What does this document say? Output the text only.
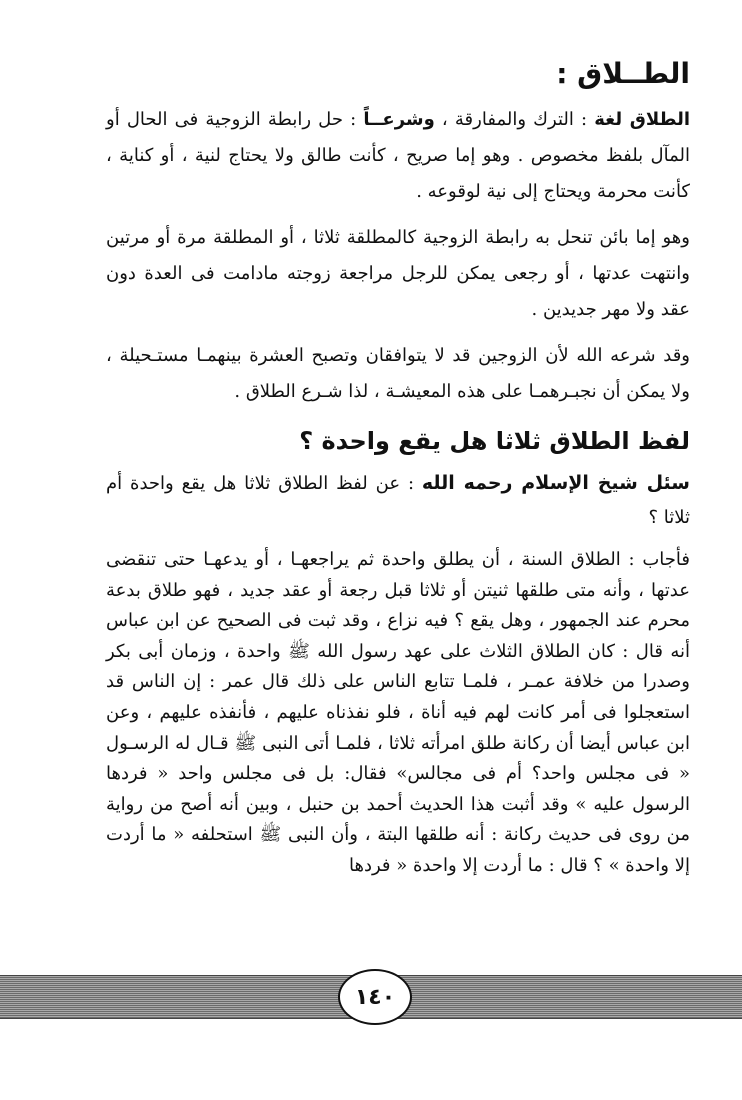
الطــلاق :

الطلاق لغة : الترك والمفارقة ، وشرعــاً : حل رابطة الزوجية فى الحال أو المآل بلفظ مخصوص . وهو إما صريح ، كأنت طالق ولا يحتاج لنية ، أو كناية ، كأنت محرمة ويحتاج إلى نية لوقوعه .

وهو إما بائن تنحل به رابطة الزوجية كالمطلقة ثلاثا ، أو المطلقة مرة أو مرتين وانتهت عدتها ، أو رجعى يمكن للرجل مراجعة زوجته مادامت فى العدة دون عقد ولا مهر جديدين .

وقد شرعه الله لأن الزوجين قد لا يتوافقان وتصبح العشرة بينهمـا مستـحيلة ، ولا يمكن أن نجبـرهمـا على هذه المعيشـة ، لذا شـرع الطلاق .

لفظ الطلاق ثلاثا هل يقع واحدة ؟

سئل شيخ الإسلام رحمه الله : عن لفظ الطلاق ثلاثا هل يقع واحدة أم ثلاثا ؟

فأجاب : الطلاق السنة ، أن يطلق واحدة ثم يراجعهـا ، أو يدعهـا حتى تنقضى عدتها ، وأنه متى طلقها ثنيتن أو ثلاثا قبل رجعة أو عقد جديد ، فهو طلاق بدعة محرم عند الجمهور ، وهل يقع ؟ فيه نزاع ، وقد ثبت فى الصحيح عن ابن عباس أنه قال : كان الطلاق الثلاث على عهد رسول الله ﷺ واحدة ، وزمان أبى بكر وصدرا من خلافة عمـر ، فلمـا تتابع الناس على ذلك قال عمر : إن الناس قد استعجلوا فى أمر كانت لهم فيه أناة ، فلو نفذناه عليهم ، فأنفذه عليهم ، وعن ابن عباس أيضا أن ركانة طلق امرأته ثلاثا ، فلمـا أتى النبى ﷺ قـال له الرسـول « فى مجلس واحد؟ أم فى مجالس» فقال: بل فى مجلس واحد « فردها الرسول عليه » وقد أثبت هذا الحديث أحمد بن حنبل ، وبين أنه أصح من رواية من روى فى حديث ركانة : أنه طلقها البتة ، وأن النبى ﷺ استحلفه « ما أردت إلا واحدة » ؟ قال : ما أردت إلا واحدة « فردها

١٤٠
